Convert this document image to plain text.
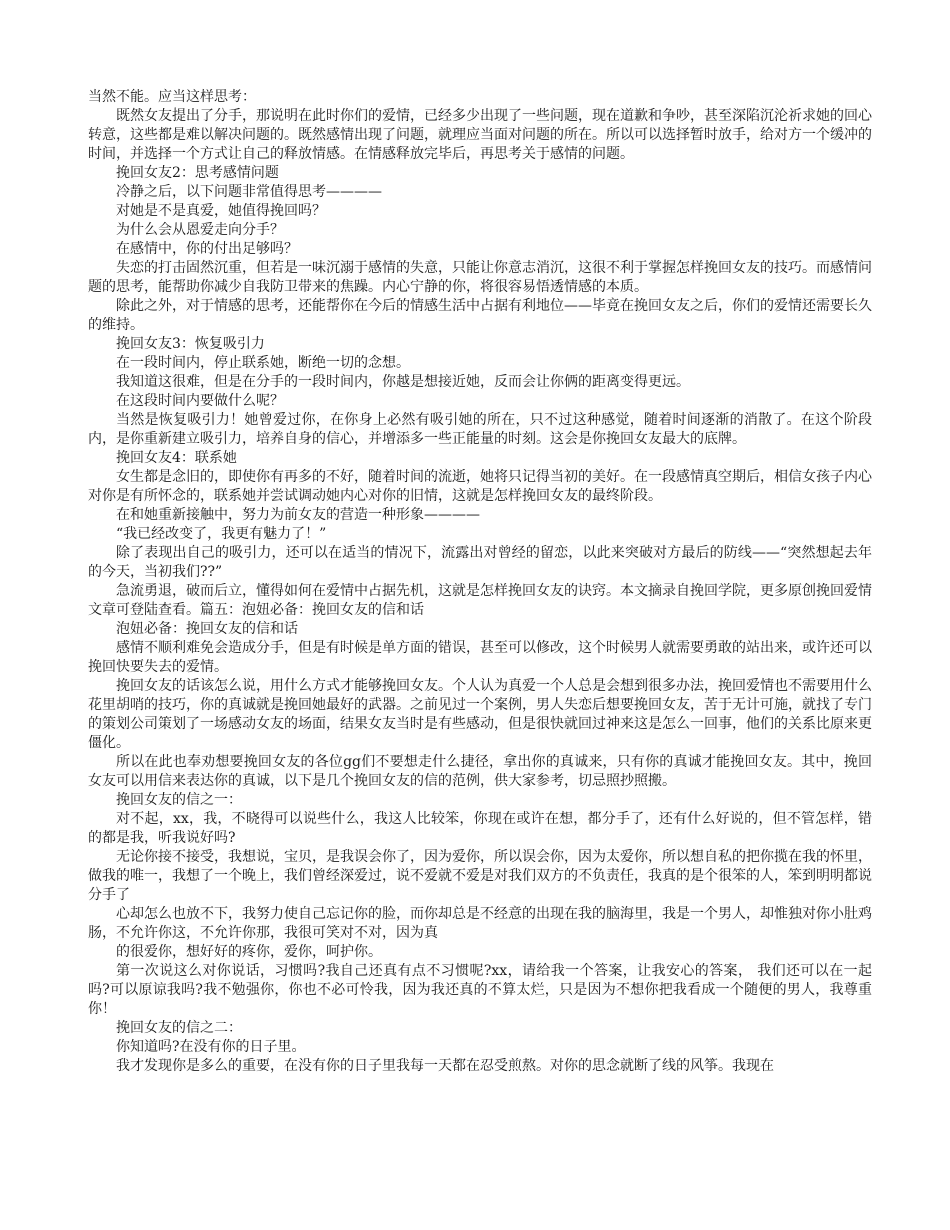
当然不能。应当这样思考：

既然女友提出了分手，那说明在此时你们的爱情，已经多少出现了一些问题，现在道歉和争吵，甚至深陷沉沦祈求她的回心转意，这些都是难以解决问题的。既然感情出现了问题，就理应当面对问题的所在。所以可以选择暂时放手，给对方一个缓冲的时间，并选择一个方式让自己的释放情感。在情感释放完毕后，再思考关于感情的问题。

挽回女友2：思考感情问题

冷静之后，以下问题非常值得思考————

对她是不是真爱，她值得挽回吗？

为什么会从恩爱走向分手？

在感情中，你的付出足够吗？

失恋的打击固然沉重，但若是一味沉溺于感情的失意，只能让你意志消沉，这很不利于掌握怎样挽回女友的技巧。而感情问题的思考，能帮助你减少自我防卫带来的焦躁。内心宁静的你，将很容易悟透情感的本质。

除此之外，对于情感的思考，还能帮你在今后的情感生活中占据有利地位——毕竟在挽回女友之后，你们的爱情还需要长久的维持。

挽回女友3：恢复吸引力

在一段时间内，停止联系她，断绝一切的念想。

我知道这很难，但是在分手的一段时间内，你越是想接近她，反而会让你俩的距离变得更远。

在这段时间内要做什么呢？

当然是恢复吸引力！她曾爱过你，在你身上必然有吸引她的所在，只不过这种感觉，随着时间逐渐的消散了。在这个阶段内，是你重新建立吸引力，培养自身的信心，并增添多一些正能量的时刻。这会是你挽回女友最大的底牌。

挽回女友4：联系她

女生都是念旧的，即使你有再多的不好，随着时间的流逝，她将只记得当初的美好。在一段感情真空期后，相信女孩子内心对你是有所怀念的，联系她并尝试调动她内心对你的旧情，这就是怎样挽回女友的最终阶段。

在和她重新接触中，努力为前女友的营造一种形象————

“我已经改变了，我更有魅力了！”

除了表现出自己的吸引力，还可以在适当的情况下，流露出对曾经的留恋，以此来突破对方最后的防线——“突然想起去年的今天，当初我们??”

急流勇退，破而后立，懂得如何在爱情中占据先机，这就是怎样挽回女友的诀窍。本文摘录自挽回学院，更多原创挽回爱情文章可登陆查看。篇五：泡妞必备：挽回女友的信和话

泡妞必备：挽回女友的信和话

感情不顺利难免会造成分手，但是有时候是单方面的错误，甚至可以修改，这个时候男人就需要勇敢的站出来，或许还可以挽回快要失去的爱情。

挽回女友的话该怎么说，用什么方式才能够挽回女友。个人认为真爱一个人总是会想到很多办法，挽回爱情也不需要用什么花里胡哨的技巧，你的真诚就是挽回她最好的武器。之前见过一个案例，男人失恋后想要挽回女友，苦于无计可施，就找了专门的策划公司策划了一场感动女友的场面，结果女友当时是有些感动，但是很快就回过神来这是怎么一回事，他们的关系比原来更僵化。

所以在此也奉劝想要挽回女友的各位gg们不要想走什么捷径，拿出你的真诚来，只有你的真诚才能挽回女友。其中，挽回女友可以用信来表达你的真诚，以下是几个挽回女友的信的范例，供大家参考，切忌照抄照搬。

挽回女友的信之一：

对不起，xx，我，不晓得可以说些什么，我这人比较笨，你现在或许在想，都分手了，还有什么好说的，但不管怎样，错的都是我，听我说好吗?

无论你接不接受，我想说，宝贝，是我误会你了，因为爱你，所以误会你，因为太爱你，所以想自私的把你揽在我的怀里，做我的唯一，我想了一个晚上，我们曾经深爱过，说不爱就不爱是对我们双方的不负责任，我真的是个很笨的人，笨到明明都说分手了

心却怎么也放不下，我努力使自己忘记你的脸，而你却总是不经意的出现在我的脑海里，我是一个男人，却惟独对你小肚鸡肠，不允许你这，不允许你那，我很可笑对不对，因为真

的很爱你，想好好的疼你，爱你，呵护你。

第一次说这么对你说话，习惯吗?我自己还真有点不习惯呢?xx，请给我一个答案，让我安心的答案， 我们还可以在一起吗?可以原谅我吗?我不勉强你，你也不必可怜我，因为我还真的不算太烂，只是因为不想你把我看成一个随便的男人，我尊重你！

挽回女友的信之二：

你知道吗?在没有你的日子里。

我才发现你是多么的重要，在没有你的日子里我每一天都在忍受煎熬。对你的思念就断了线的风筝。我现在
